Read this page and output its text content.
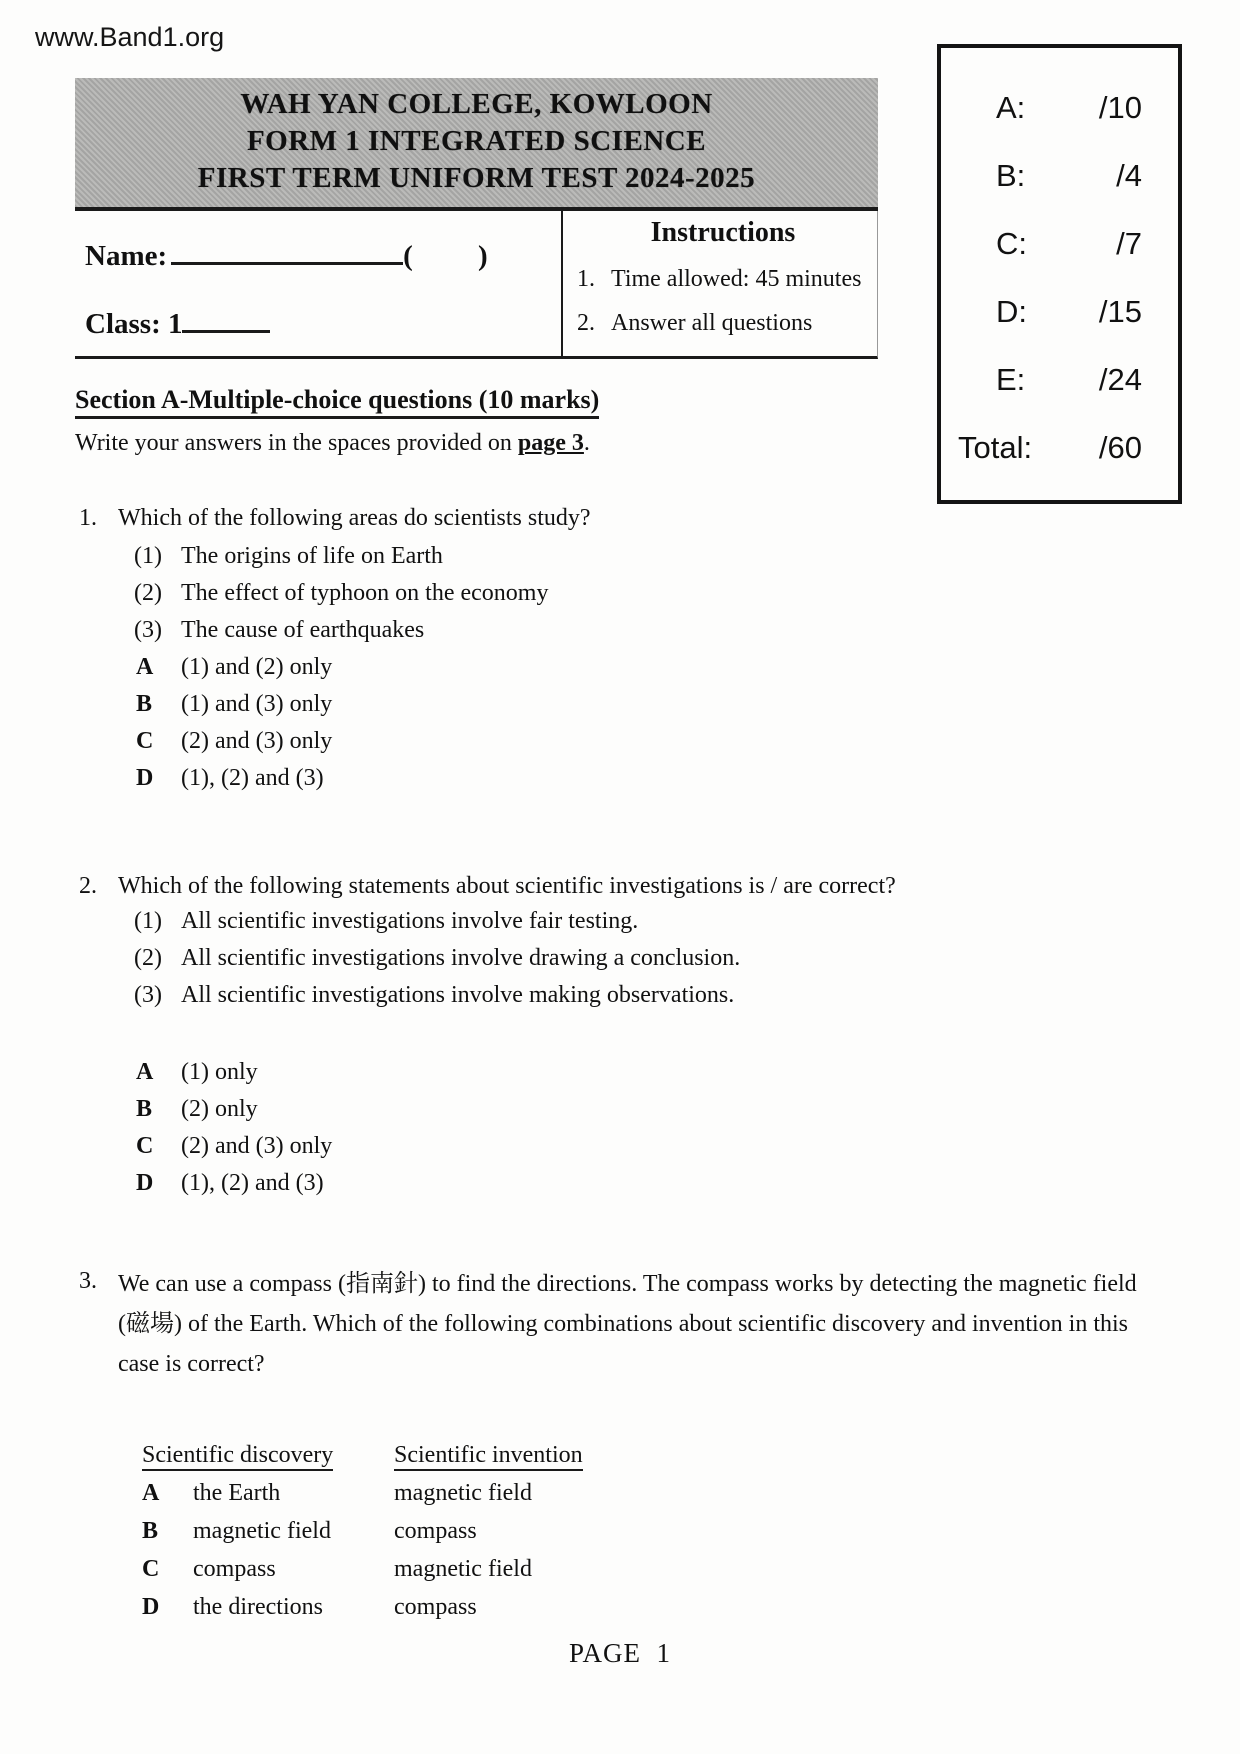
www.Band1.org
WAH YAN COLLEGE, KOWLOON
FORM 1 INTEGRATED SCIENCE
FIRST TERM UNIFORM TEST 2024-2025
Name:	(         )
Class: 1
Instructions
1. Time allowed: 45 minutes
2. Answer all questions
A: /10
B:	/4
C:	/7
D: /15
E: /24
Total: /60
Section A-Multiple-choice questions (10 marks)
Write your answers in the spaces provided on page 3.
1. Which of the following areas do scientists study?
(1) The origins of life on Earth
(2) The effect of typhoon on the economy
(3) The cause of earthquakes
A	(1) and (2) only
B	(1) and (3) only
C	(2) and (3) only
D	(1), (2) and (3)
2. Which of the following statements about scientific investigations is / are correct?
(1) All scientific investigations involve fair testing.
(2) All scientific investigations involve drawing a conclusion.
(3) All scientific investigations involve making observations.
A	(1) only
B	(2) only
C	(2) and (3) only
D	(1), (2) and (3)
3. We can use a compass (指南針) to find the directions. The compass works by detecting the magnetic field (磁場) of the Earth. Which of the following combinations about scientific discovery and invention in this case is correct?
Scientific discovery	Scientific invention
A	the Earth	magnetic field
B	magnetic field	compass
C	compass	magnetic field
D	the directions	compass
PAGE  1
